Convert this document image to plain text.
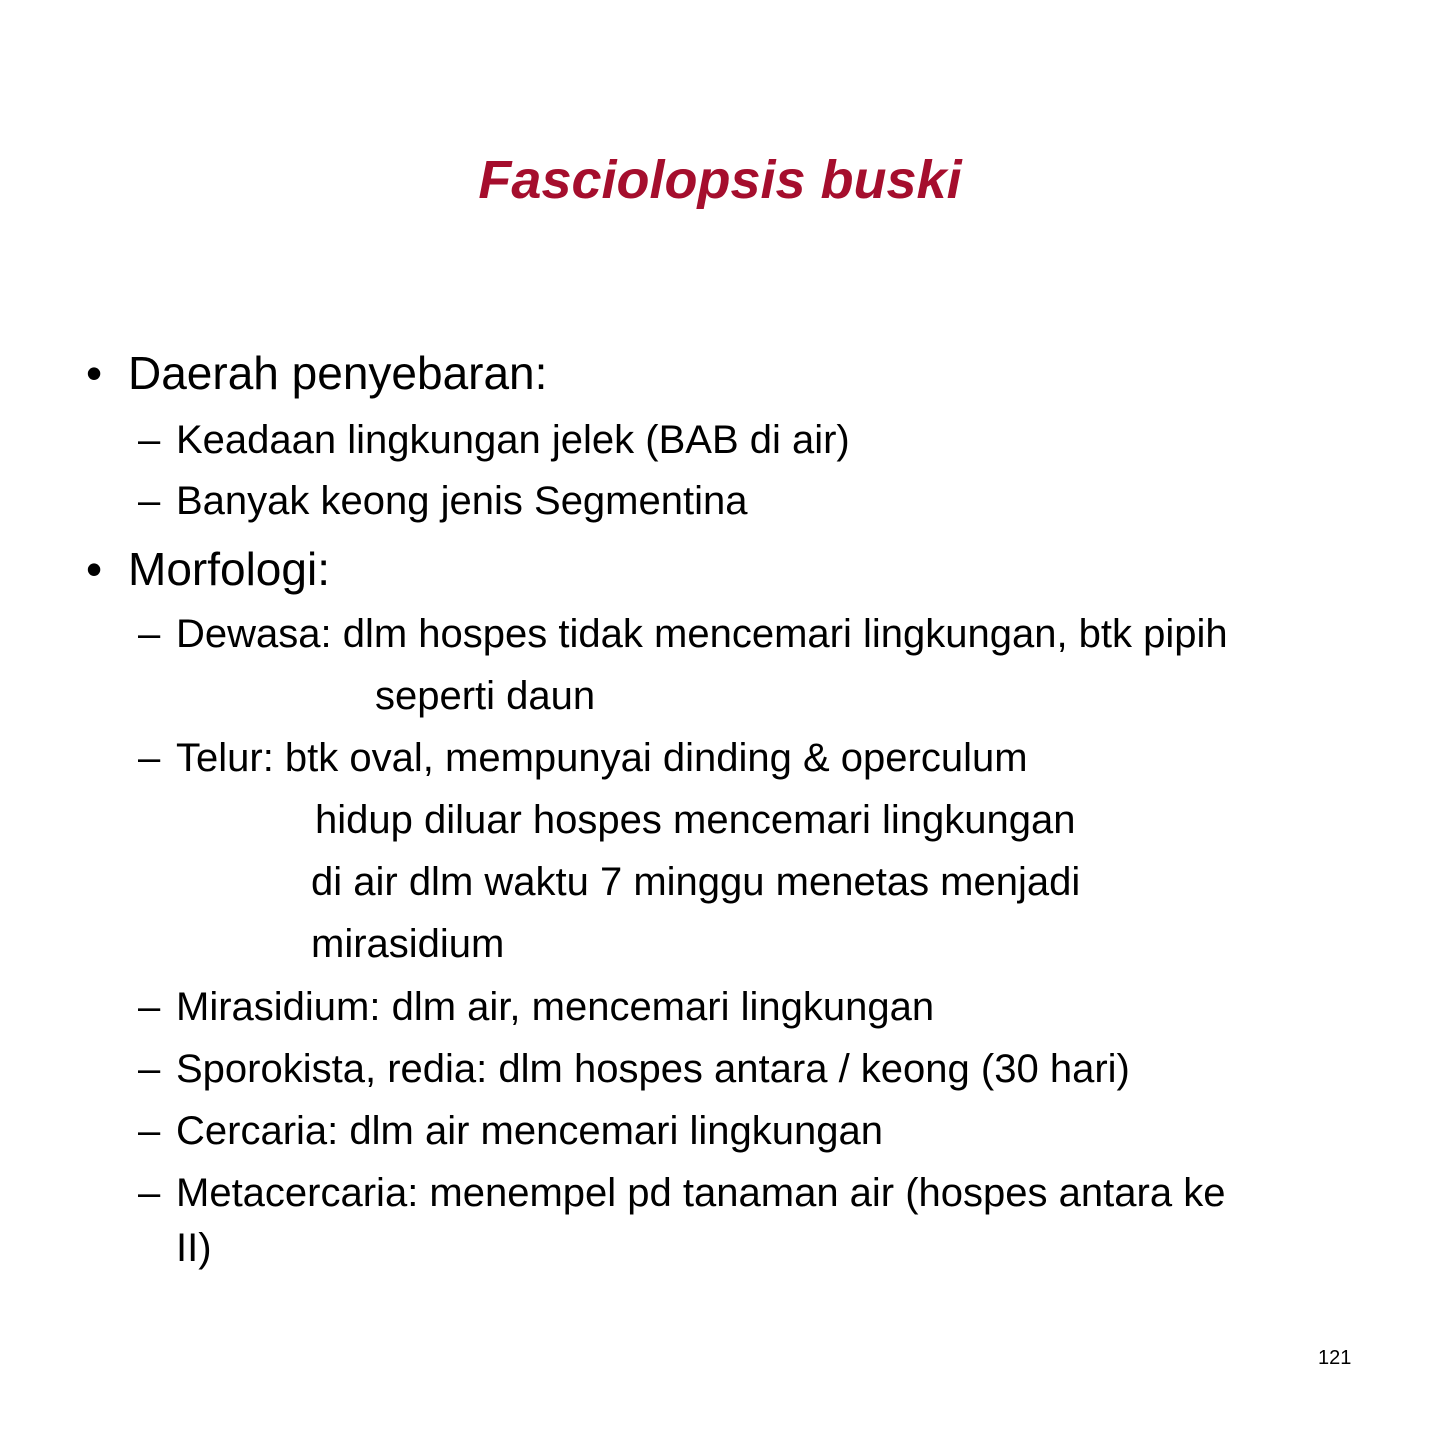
Fasciolopsis buski
• Daerah penyebaran:
– Keadaan lingkungan jelek (BAB di air)
– Banyak keong jenis Segmentina
• Morfologi:
– Dewasa: dlm hospes tidak mencemari lingkungan, btk pipih
seperti daun
– Telur: btk oval, mempunyai dinding & operculum
hidup diluar hospes mencemari lingkungan
di air dlm waktu 7 minggu menetas menjadi
mirasidium
– Mirasidium: dlm air, mencemari lingkungan
– Sporokista, redia: dlm hospes antara / keong (30 hari)
– Cercaria: dlm air mencemari lingkungan
– Metacercaria: menempel pd tanaman air (hospes antara ke
II)
121
